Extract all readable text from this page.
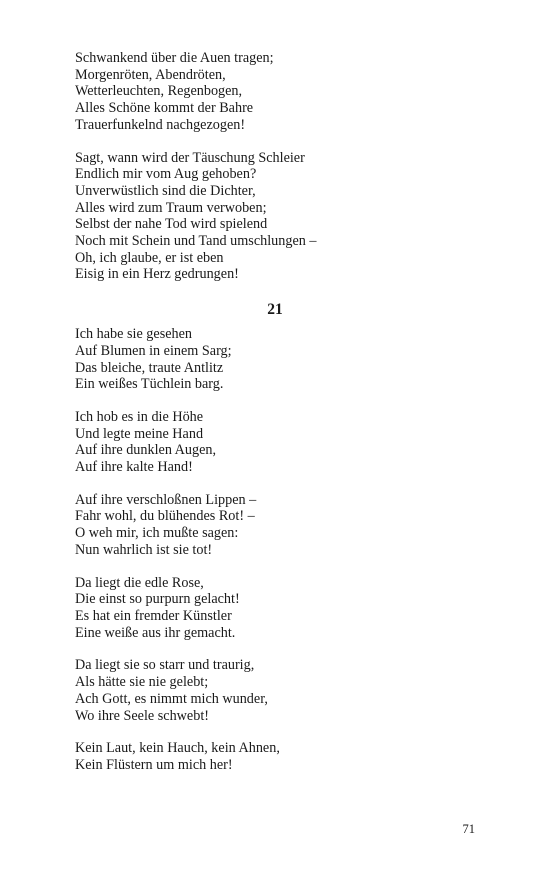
Schwankend über die Auen tragen;
Morgenröten, Abendröten,
Wetterleuchten, Regenbogen,
Alles Schöne kommt der Bahre
Trauerfunkelnd nachgezogen!
Sagt, wann wird der Täuschung Schleier
Endlich mir vom Aug gehoben?
Unverwüstlich sind die Dichter,
Alles wird zum Traum verwoben;
Selbst der nahe Tod wird spielend
Noch mit Schein und Tand umschlungen –
Oh, ich glaube, er ist eben
Eisig in ein Herz gedrungen!
21
Ich habe sie gesehen
Auf Blumen in einem Sarg;
Das bleiche, traute Antlitz
Ein weißes Tüchlein barg.
Ich hob es in die Höhe
Und legte meine Hand
Auf ihre dunklen Augen,
Auf ihre kalte Hand!
Auf ihre verschloßnen Lippen –
Fahr wohl, du blühendes Rot! –
O weh mir, ich mußte sagen:
Nun wahrlich ist sie tot!
Da liegt die edle Rose,
Die einst so purpurn gelacht!
Es hat ein fremder Künstler
Eine weiße aus ihr gemacht.
Da liegt sie so starr und traurig,
Als hätte sie nie gelebt;
Ach Gott, es nimmt mich wunder,
Wo ihre Seele schwebt!
Kein Laut, kein Hauch, kein Ahnen,
Kein Flüstern um mich her!
71
